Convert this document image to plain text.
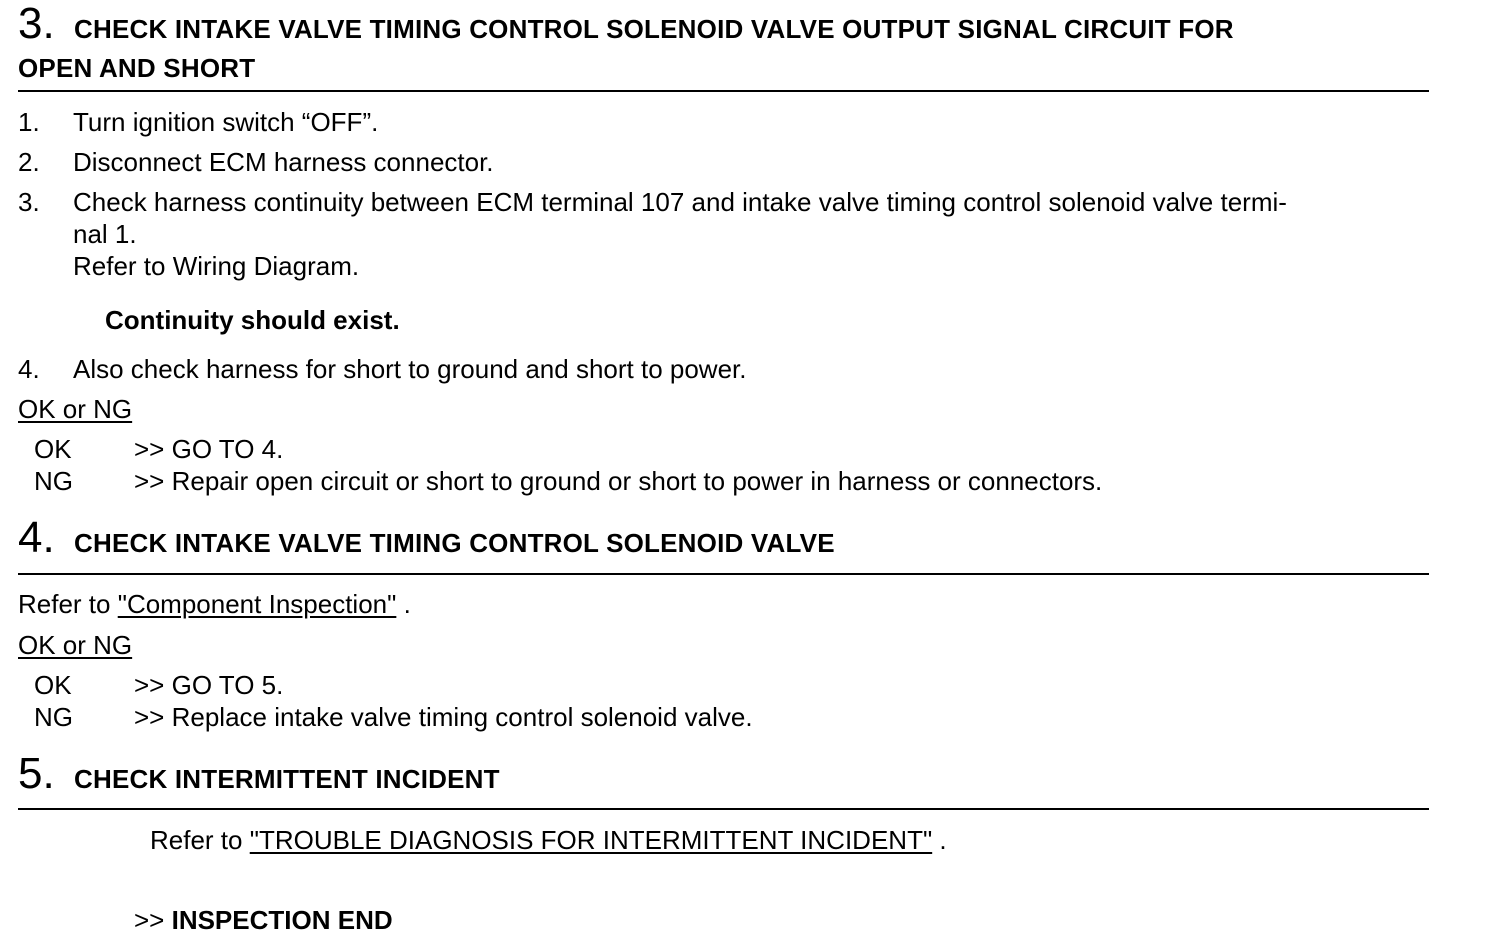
3. CHECK INTAKE VALVE TIMING CONTROL SOLENOID VALVE OUTPUT SIGNAL CIRCUIT FOR
OPEN AND SHORT
1. Turn ignition switch “OFF”.
2. Disconnect ECM harness connector.
3. Check harness continuity between ECM terminal 107 and intake valve timing control solenoid valve termi-
nal 1.
Refer to Wiring Diagram.
Continuity should exist.
4. Also check harness for short to ground and short to power.
OK or NG
OK >> GO TO 4.
NG >> Repair open circuit or short to ground or short to power in harness or connectors.
4. CHECK INTAKE VALVE TIMING CONTROL SOLENOID VALVE
Refer to "Component Inspection" .
OK or NG
OK >> GO TO 5.
NG >> Replace intake valve timing control solenoid valve.
5. CHECK INTERMITTENT INCIDENT
Refer to "TROUBLE DIAGNOSIS FOR INTERMITTENT INCIDENT" .
>> INSPECTION END
